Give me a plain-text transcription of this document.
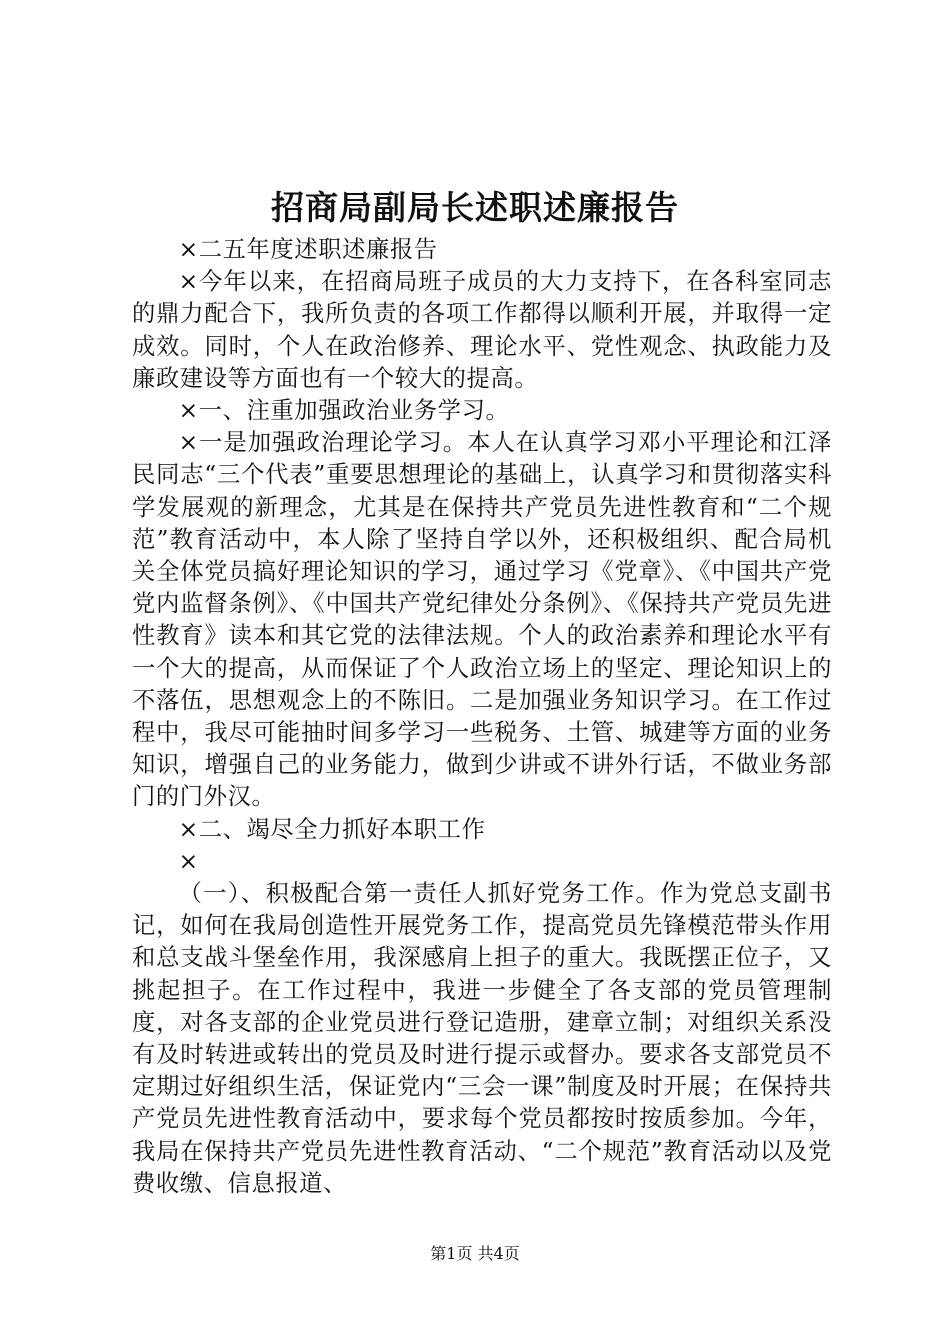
招商局副局长述职述廉报告

×二五年度述职述廉报告

×今年以来，在招商局班子成员的大力支持下，在各科室同志的鼎力配合下，我所负责的各项工作都得以顺利开展，并取得一定成效。同时，个人在政治修养、理论水平、党性观念、执政能力及廉政建设等方面也有一个较大的提高。

×一、注重加强政治业务学习。

×一是加强政治理论学习。本人在认真学习邓小平理论和江泽民同志“三个代表”重要思想理论的基础上，认真学习和贯彻落实科学发展观的新理念，尤其是在保持共产党员先进性教育和“二个规范”教育活动中，本人除了坚持自学以外，还积极组织、配合局机关全体党员搞好理论知识的学习，通过学习《党章》、《中国共产党党内监督条例》、《中国共产党纪律处分条例》、《保持共产党员先进性教育》读本和其它党的法律法规。个人的政治素养和理论水平有一个大的提高，从而保证了个人政治立场上的坚定、理论知识上的不落伍，思想观念上的不陈旧。二是加强业务知识学习。在工作过程中，我尽可能抽时间多学习一些税务、土管、城建等方面的业务知识，增强自己的业务能力，做到少讲或不讲外行话，不做业务部门的门外汉。

×二、竭尽全力抓好本职工作

×

（一）、积极配合第一责任人抓好党务工作。作为党总支副书记，如何在我局创造性开展党务工作，提高党员先锋模范带头作用和总支战斗堡垒作用，我深感肩上担子的重大。我既摆正位子，又挑起担子。在工作过程中，我进一步健全了各支部的党员管理制度，对各支部的企业党员进行登记造册，建章立制；对组织关系没有及时转进或转出的党员及时进行提示或督办。要求各支部党员不定期过好组织生活，保证党内“三会一课”制度及时开展；在保持共产党员先进性教育活动中，要求每个党员都按时按质参加。今年，我局在保持共产党员先进性教育活动、“二个规范”教育活动以及党费收缴、信息报道、

第1页 共4页
